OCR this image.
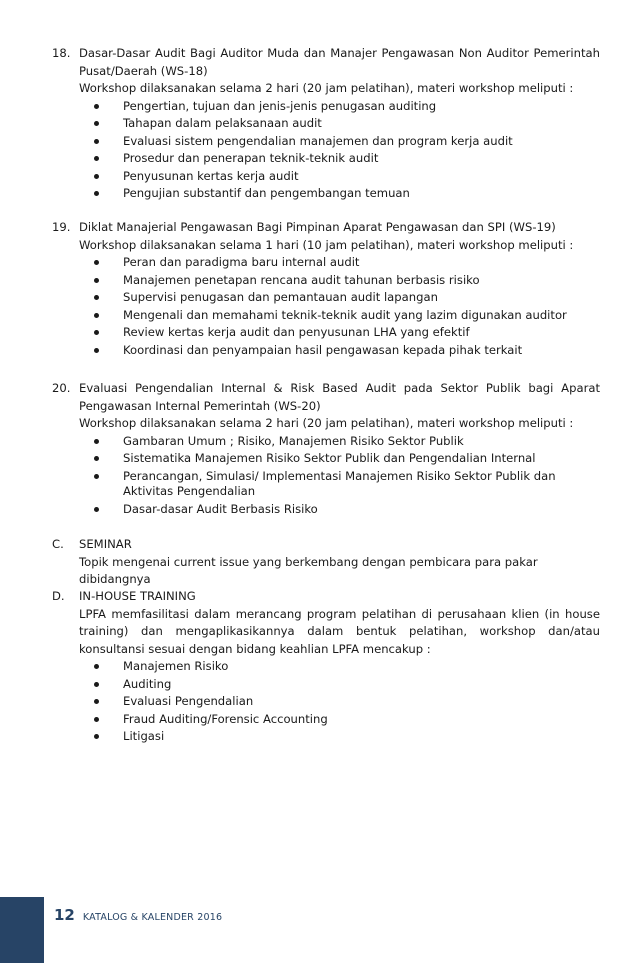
18. Dasar-Dasar Audit Bagi Auditor Muda dan Manajer Pengawasan Non Auditor Pemerintah Pusat/Daerah (WS-18)
Workshop dilaksanakan selama 2 hari (20 jam pelatihan), materi workshop meliputi :
Pengertian, tujuan dan jenis-jenis penugasan auditing
Tahapan dalam pelaksanaan audit
Evaluasi sistem pengendalian manajemen dan program kerja audit
Prosedur dan penerapan teknik-teknik audit
Penyusunan kertas kerja audit
Pengujian substantif dan pengembangan temuan
19. Diklat Manajerial Pengawasan Bagi Pimpinan Aparat Pengawasan dan SPI (WS-19)
Workshop dilaksanakan selama 1 hari (10 jam pelatihan), materi workshop meliputi :
Peran dan paradigma baru internal audit
Manajemen penetapan rencana audit tahunan berbasis risiko
Supervisi penugasan dan pemantauan audit lapangan
Mengenali dan memahami teknik-teknik audit yang lazim digunakan auditor
Review kertas kerja audit dan penyusunan LHA yang efektif
Koordinasi dan penyampaian hasil pengawasan kepada pihak terkait
20. Evaluasi Pengendalian Internal & Risk Based Audit pada Sektor Publik bagi Aparat Pengawasan Internal Pemerintah (WS-20)
Workshop dilaksanakan selama 2 hari (20 jam pelatihan), materi workshop meliputi :
Gambaran Umum ; Risiko, Manajemen Risiko Sektor Publik
Sistematika Manajemen Risiko Sektor Publik dan Pengendalian Internal
Perancangan, Simulasi/ Implementasi Manajemen Risiko Sektor Publik dan Aktivitas Pengendalian
Dasar-dasar Audit Berbasis Risiko
C.	SEMINAR
Topik mengenai current issue yang berkembang dengan pembicara para pakar dibidangnya
D.	IN-HOUSE TRAINING
LPFA memfasilitasi dalam merancang program pelatihan di perusahaan klien (in house training) dan mengaplikasikannya dalam bentuk pelatihan, workshop dan/atau konsultansi sesuai dengan bidang keahlian LPFA mencakup :
Manajemen Risiko
Auditing
Evaluasi Pengendalian
Fraud Auditing/Forensic Accounting
Litigasi
12 KATALOG & KALENDER 2016
